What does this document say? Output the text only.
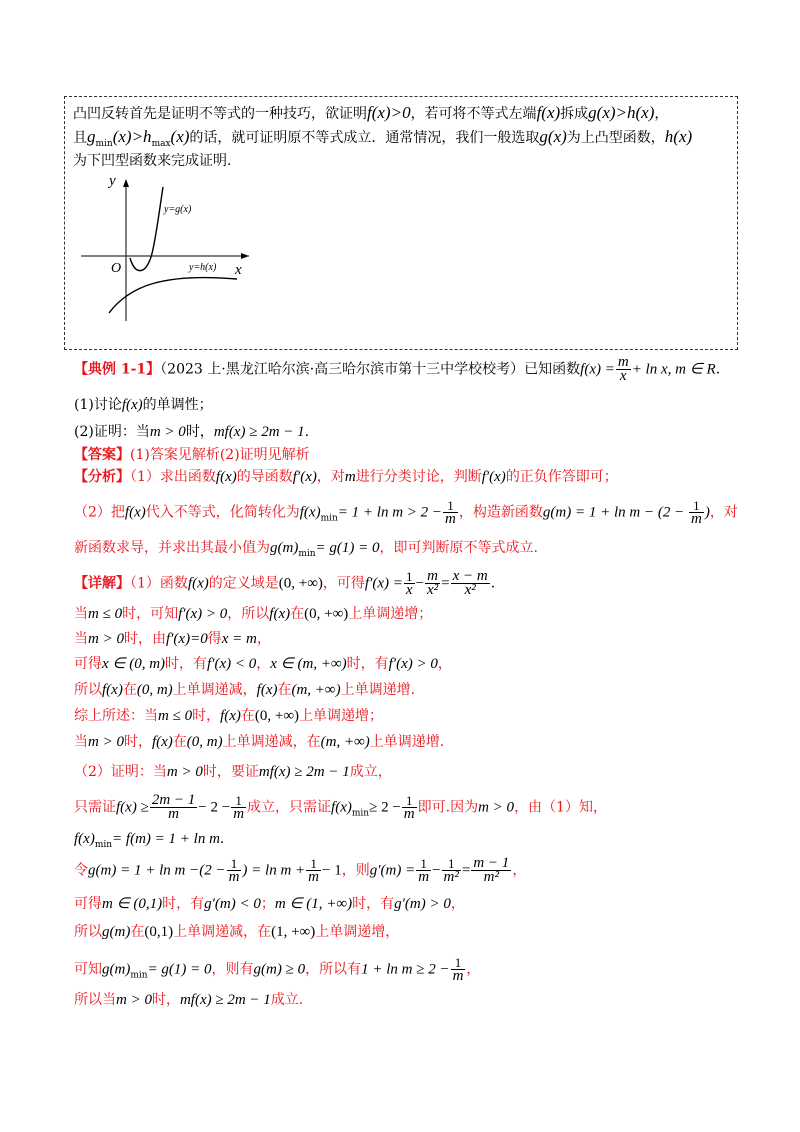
凸凹反转首先是证明不等式的一种技巧，欲证明f(x)>0，若可将不等式左端f(x)拆成g(x)>h(x)，
且$g_{min}(x)>h_{max}(x)$的话，就可证明原不等式成立．通常情况，我们一般选取g(x)为上凸型函数，h(x)
为下凹型函数来完成证明.
y
x
O
y=g(x)
y=h(x)
【典例 1-1】（2023 上·黑龙江哈尔滨·高三哈尔滨市第十三中学校校考）已知函数$f(x) = \frac{m}{x} + \ln x$, m ∈ R.
(1)讨论f(x)的单调性；
(2)证明：当m > 0时，mf(x) ≥ 2m − 1.
【答案】(1)答案见解析(2)证明见解析
【分析】（1）求出函数f(x)的导函数f′(x)，对m进行分类讨论，判断f′(x)的正负作答即可；
（2）把f(x)代入不等式，化简转化为$f(x)_{min}= 1 + \ln m > 2 - \frac{1}{m}$ ，构造新函数$g(m) = 1 + \ln m - (2 - \frac{1}{m}$ )，对
新函数求导，并求出其最小值为$g(m)_{min}= g(1) = 0$，即可判断原不等式成立.
【详解】（1）函数f(x)的定义域是(0, +∞)，可得$f'(x) = \frac{1}{x} - \frac{m}{\text{x²}} = \frac{x - m}{\text{x²}}$ .
当m ≤ 0时，可知f′(x) > 0，所以f(x)在(0, +∞)上单调递增；
当m > 0时，由f′(x)=0得x = m，
可得x ∈ (0, m)时，有f′(x) < 0，x ∈ (m, +∞)时，有f′(x) > 0，
所以f(x)在(0, m)上单调递减，f(x)在(m, +∞)上单调递增.
综上所述：当m ≤ 0时，f(x)在(0, +∞)上单调递增；
当m > 0时，f(x)在(0, m)上单调递减，在(m, +∞)上单调递增.
（2）证明：当m > 0时，要证mf(x) ≥ 2m − 1成立，
只需证$f(x) \ge \frac{2m - 1}{m} - 2 - \frac{1}{m}$ 成立，只需证$f(x)_{min}\ge 2 - \frac{1}{m}$ 即可.因为m > 0，由（1）知，
$f(x)_{min}= f(m) = 1 + \ln m$.
令$g(m) = 1 + \ln m -(2 - \frac{1}{m}$ ) = $\ln m + \frac{1}{m} - 1$，则$g'(m) = \frac{1}{m} - \frac{1}{\text{m²}} = \frac{m - 1}{\text{m²}}$ ，
可得m ∈ (0,1)时，有g′(m) < 0；m ∈ (1, +∞)时，有g′(m) > 0，
所以g(m)在(0,1)上单调递减，在(1, +∞)上单调递增，
可知$g(m)_{min}= g(1) = 0$，则有g(m) ≥ 0，所以有$1 + \ln m \ge 2 - \frac{1}{m}$ ，
所以当m > 0时，mf(x) ≥ 2m − 1成立.
